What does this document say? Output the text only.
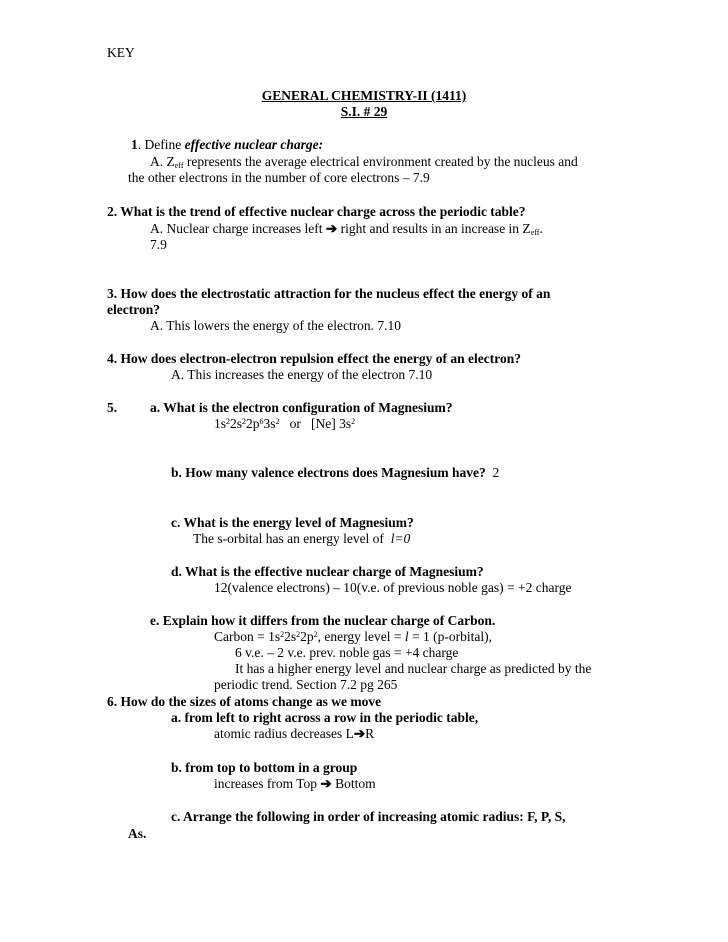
KEY
GENERAL CHEMISTRY-II (1411)
S.I. # 29
1. Define effective nuclear charge:
A. $Z_{eff}$ represents the average electrical environment created by the nucleus and
the other electrons in the number of core electrons – 7.9
2. What is the trend of effective nuclear charge across the periodic table?
A. Nuclear charge increases left ➔ right and results in an increase in $Z_{eff}$.
7.9
3. How does the electrostatic attraction for the nucleus effect the energy of an
electron?
A. This lowers the energy of the electron. 7.10
4. How does electron-electron repulsion effect the energy of an electron?
A. This increases the energy of the electron 7.10
5. a. What is the electron configuration of Magnesium?
$1s^22s^22p^63s^2$   or   [Ne] $3s^2$
b. How many valence electrons does Magnesium have?  2
c. What is the energy level of Magnesium?
The s-orbital has an energy level of  l=0
d. What is the effective nuclear charge of Magnesium?
12(valence electrons) – 10(v.e. of previous noble gas) = +2 charge
e. Explain how it differs from the nuclear charge of Carbon.
Carbon = $1s^22s^22p^2$, energy level = l = 1 (p-orbital),
6 v.e. – 2 v.e. prev. noble gas = +4 charge
It has a higher energy level and nuclear charge as predicted by the
periodic trend. Section 7.2 pg 265
6. How do the sizes of atoms change as we move
a. from left to right across a row in the periodic table,
atomic radius decreases L➔R
b. from top to bottom in a group
increases from Top ➔ Bottom
c. Arrange the following in order of increasing atomic radius: F, P, S,
As.
